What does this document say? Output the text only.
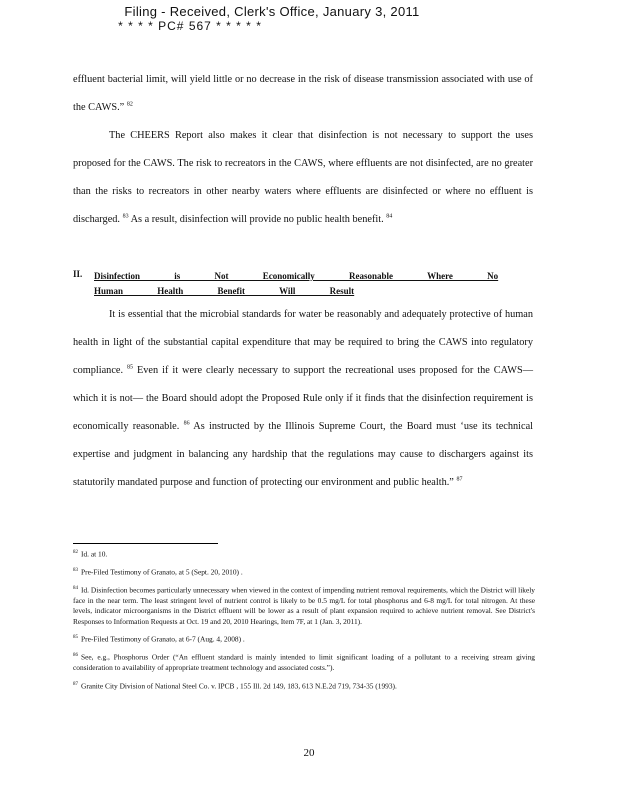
Filing - Received, Clerk's Office, January 3, 2011
* * * * PC# 567 * * * * *
effluent bacterial limit, will yield little or no decrease in the risk of disease transmission associated with use of the CAWS.” $^{82}$
The CHEERS Report also makes it clear that disinfection is not necessary to support the uses proposed for the CAWS. The risk to recreators in the CAWS, where effluents are not disinfected, are no greater than the risks to recreators in other nearby waters where effluents are disinfected or where no effluent is discharged. $^{83}$ As a result, disinfection will provide no public health benefit. $^{84}$
II. Disinfection is Not Economically Reasonable Where No Human Health Benefit Will Result
It is essential that the microbial standards for water be reasonably and adequately protective of human health in light of the substantial capital expenditure that may be required to bring the CAWS into regulatory compliance. $^{85}$ Even if it were clearly necessary to support the recreational uses proposed for the CAWS—which it is not— the Board should adopt the Proposed Rule only if it finds that the disinfection requirement is economically reasonable. $^{86}$ As instructed by the Illinois Supreme Court, the Board must ‘use its technical expertise and judgment in balancing any hardship that the regulations may cause to dischargers against its statutorily mandated purpose and function of protecting our environment and public health.” $^{87}$
$^{82}$ Id. at 10.
$^{83}$ Pre-Filed Testimony of Granato, at 5 (Sept. 20, 2010) .
$^{84}$ Id. Disinfection becomes particularly unnecessary when viewed in the context of impending nutrient removal requirements, which the District will likely face in the near term. The least stringent level of nutrient control is likely to be 0.5 mg/L for total phosphorus and 6-8 mg/L for total nitrogen. At these levels, indicator microorganisms in the District effluent will be lower as a result of plant expansion required to achieve nutrient removal. See District's Responses to Information Requests at Oct. 19 and 20, 2010 Hearings, Item 7F, at 1 (Jan. 3, 2011).
$^{85}$ Pre-Filed Testimony of Granato, at 6-7 (Aug. 4, 2008) .
$^{86}$ See, e.g., Phosphorus Order (“An effluent standard is mainly intended to limit significant loading of a pollutant to a receiving stream giving consideration to availability of appropriate treatment technology and associated costs.”).
$^{87}$ Granite City Division of National Steel Co. v. IPCB , 155 Ill. 2d 149, 183, 613 N.E.2d 719, 734-35 (1993).
20
